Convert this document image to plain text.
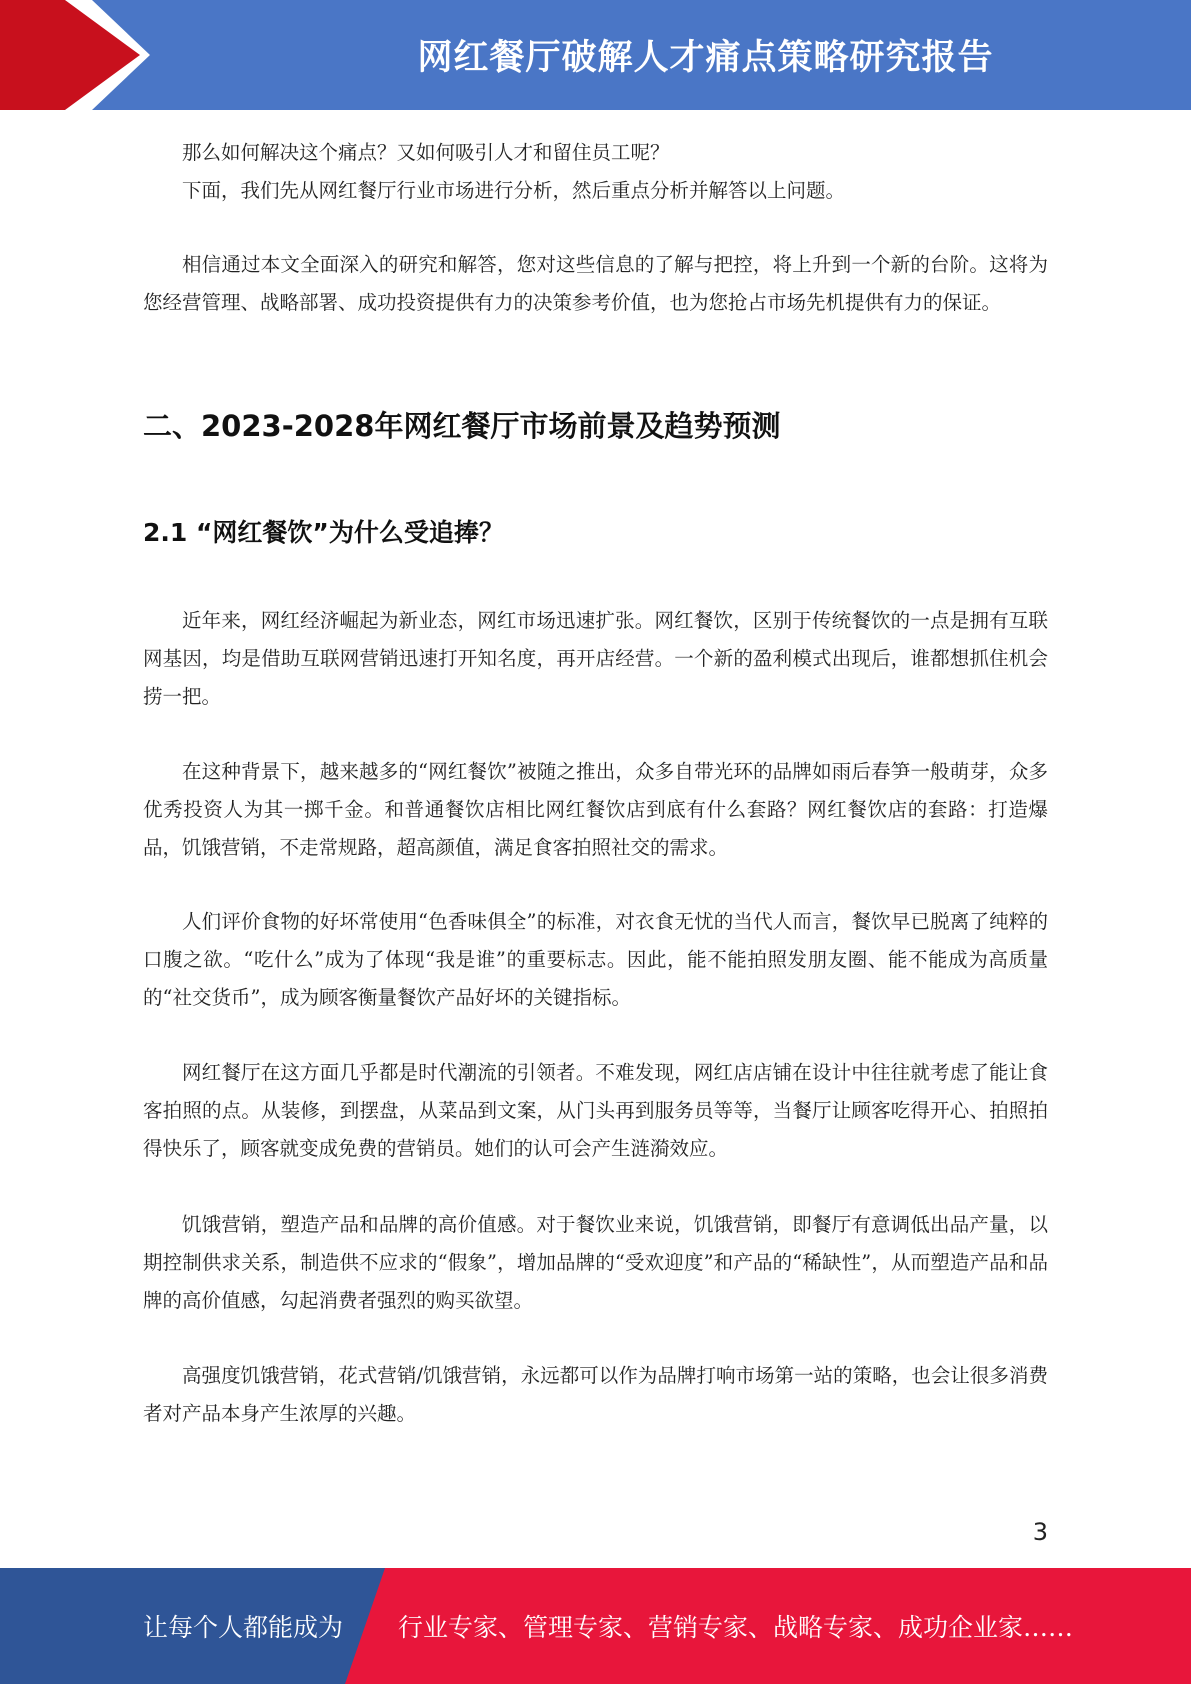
网红餐厅破解人才痛点策略研究报告
那么如何解决这个痛点？又如何吸引人才和留住员工呢？
下面，我们先从网红餐厅行业市场进行分析，然后重点分析并解答以上问题。

相信通过本文全面深入的研究和解答，您对这些信息的了解与把控，将上升到一个新的台阶。这将为您经营管理、战略部署、成功投资提供有力的决策参考价值，也为您抢占市场先机提供有力的保证。

二、2023-2028年网红餐厅市场前景及趋势预测
2.1 “网红餐饮”为什么受追捧？

近年来，网红经济崛起为新业态，网红市场迅速扩张。网红餐饮，区别于传统餐饮的一点是拥有互联网基因，均是借助互联网营销迅速打开知名度，再开店经营。一个新的盈利模式出现后，谁都想抓住机会捞一把。

在这种背景下，越来越多的“网红餐饮”被随之推出，众多自带光环的品牌如雨后春笋一般萌芽，众多优秀投资人为其一掷千金。和普通餐饮店相比网红餐饮店到底有什么套路？网红餐饮店的套路：打造爆品，饥饿营销，不走常规路，超高颜值，满足食客拍照社交的需求。

人们评价食物的好坏常使用“色香味俱全”的标准，对衣食无忧的当代人而言，餐饮早已脱离了纯粹的口腹之欲。“吃什么”成为了体现“我是谁”的重要标志。因此，能不能拍照发朋友圈、能不能成为高质量的“社交货币”，成为顾客衡量餐饮产品好坏的关键指标。

网红餐厅在这方面几乎都是时代潮流的引领者。不难发现，网红店店铺在设计中往往就考虑了能让食客拍照的点。从装修，到摆盘，从菜品到文案，从门头再到服务员等等，当餐厅让顾客吃得开心、拍照拍得快乐了，顾客就变成免费的营销员。她们的认可会产生涟漪效应。

饥饿营销，塑造产品和品牌的高价值感。对于餐饮业来说，饥饿营销，即餐厅有意调低出品产量，以期控制供求关系，制造供不应求的“假象”，增加品牌的“受欢迎度”和产品的“稀缺性”，从而塑造产品和品牌的高价值感，勾起消费者强烈的购买欲望。

高强度饥饿营销，花式营销/饥饿营销，永远都可以作为品牌打响市场第一站的策略，也会让很多消费者对产品本身产生浓厚的兴趣。

3
让每个人都能成为 行业专家、管理专家、营销专家、战略专家、成功企业家……
